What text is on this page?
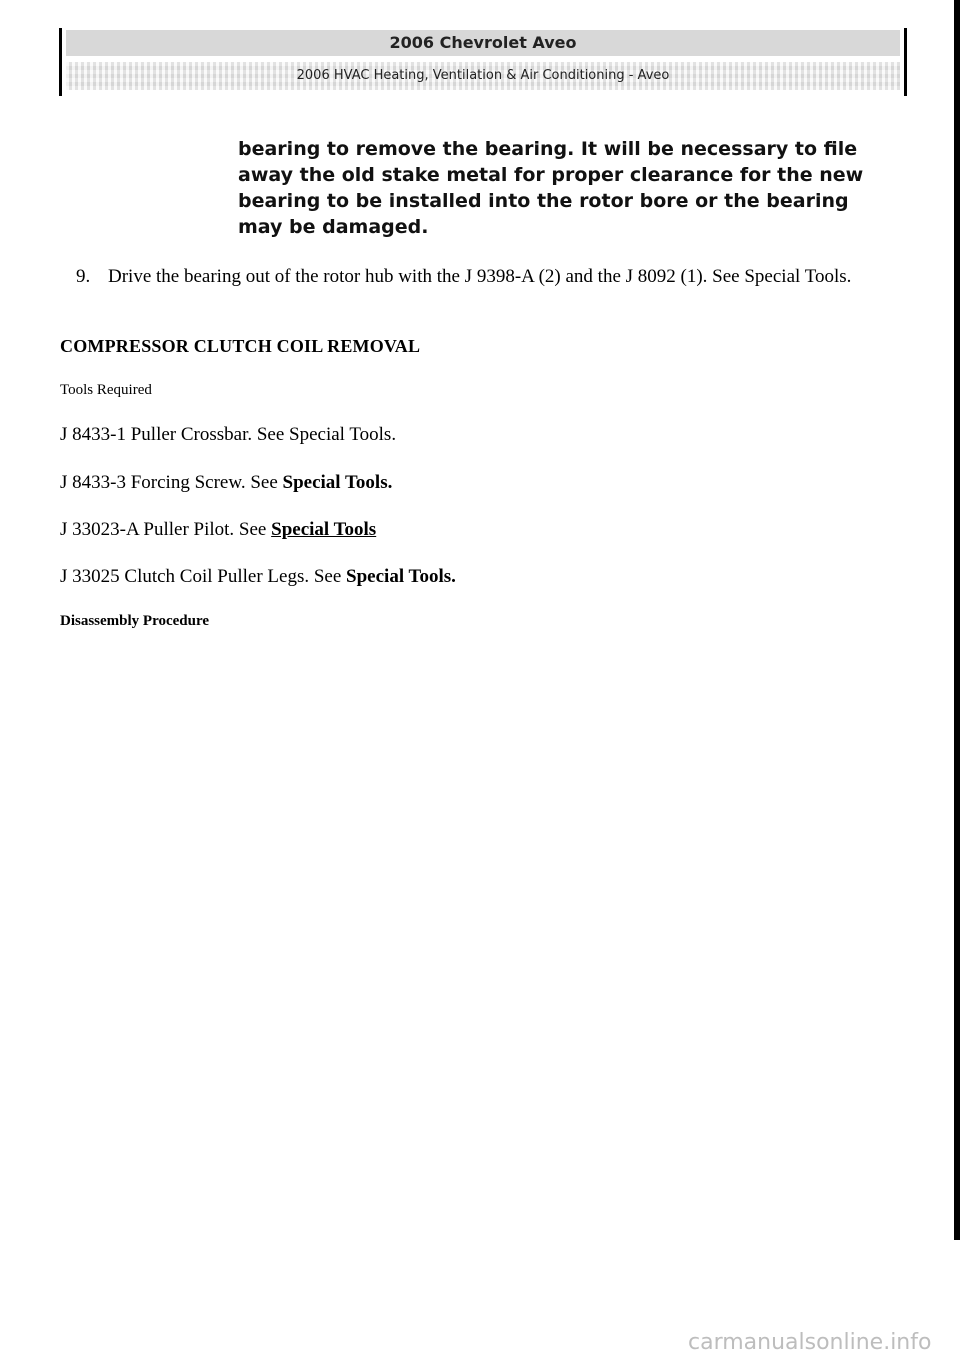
2006 Chevrolet Aveo
2006 HVAC Heating, Ventilation & Air Conditioning - Aveo
bearing to remove the bearing. It will be necessary to file away the old stake metal for proper clearance for the new bearing to be installed into the rotor bore or the bearing may be damaged.
9. Drive the bearing out of the rotor hub with the J 9398-A (2) and the J 8092 (1). See Special Tools.
COMPRESSOR CLUTCH COIL REMOVAL
Tools Required
J 8433-1 Puller Crossbar. See Special Tools.
J 8433-3 Forcing Screw. See Special Tools.
J 33023-A Puller Pilot. See Special Tools
J 33025 Clutch Coil Puller Legs. See Special Tools.
Disassembly Procedure
carmanualsonline.info
